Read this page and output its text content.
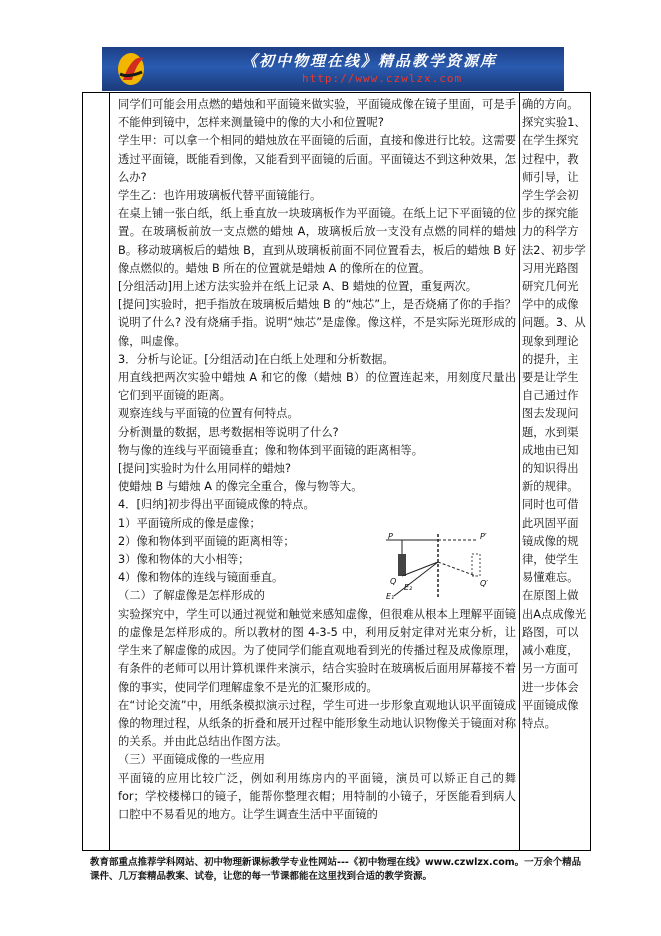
《初中物理在线》精品教学资源库
http://www.czwlzx.com

同学们可能会用点燃的蜡烛和平面镜来做实验，平面镜成像在镜子里面，可是手不能伸到镜中，怎样来测量镜中的像的大小和位置呢?

学生甲：可以拿一个相同的蜡烛放在平面镜的后面，直接和像进行比较。这需要透过平面镜，既能看到像，又能看到平面镜的后面。平面镜达不到这种效果，怎么办?

学生乙：也许用玻璃板代替平面镜能行。

在桌上铺一张白纸，纸上垂直放一块玻璃板作为平面镜。在纸上记下平面镜的位置。在玻璃板前放一支点燃的蜡烛 A，玻璃板后放一支没有点燃的同样的蜡烛 B。移动玻璃板后的蜡烛 B，直到从玻璃板前面不同位置看去，板后的蜡烛 B 好像点燃似的。蜡烛 B 所在的位置就是蜡烛 A 的像所在的位置。

[分组活动]用上述方法实验并在纸上记录 A、B 蜡烛的位置，重复两次。

[提问]实验时，把手指放在玻璃板后蜡烛 B 的“烛芯”上，是否烧痛了你的手指？说明了什么? 没有烧痛手指。说明“烛芯”是虚像。像这样，不是实际光斑形成的像，叫虚像。

3．分析与论证。[分组活动]在白纸上处理和分析数据。

用直线把两次实验中蜡烛 A 和它的像（蜡烛 B）的位置连起来，用刻度尺量出它们到平面镜的距离。

观察连线与平面镜的位置有何特点。

分析测量的数据，思考数据相等说明了什么?

物与像的连线与平面镜垂直；像和物体到平面镜的距离相等。

[提问]实验时为什么用同样的蜡烛?

使蜡烛 B 与蜡烛 A 的像完全重合，像与物等大。

4．[归纳]初步得出平面镜成像的特点。

1）平面镜所成的像是虚像；

2）像和物体到平面镜的距离相等；

3）像和物体的大小相等；

4）像和物体的连线与镜面垂直。

（二）了解虚像是怎样形成的

实验探究中，学生可以通过视觉和触觉来感知虚像，但很难从根本上理解平面镜的虚像是怎样形成的。所以教材的图 4-3-5 中，利用反射定律对光束分析，让学生来了解虚像的成因。为了使同学们能直观地看到光的传播过程及成像原理，有条件的老师可以用计算机课件来演示，结合实验时在玻璃板后面用屏幕接不着像的事实，使同学们理解虚象不是光的汇聚形成的。

在“讨论交流”中，用纸条模拟演示过程，学生可进一步形象直观地认识平面镜成像的物理过程，从纸条的折叠和展开过程中能形象生动地认识物像关于镜面对称的关系。并由此总结出作图方法。

（三）平面镜成像的一些应用

平面镜的应用比较广泛，例如利用练房内的平面镜，演员可以矫正自己的舞for；学校楼梯口的镜子，能帮你整理衣帽；用特制的小镜子，牙医能看到病人口腔中不易看见的地方。让学生调查生活中平面镜的

P	P′
Q	Q′
E₂
E₁

确的方向。探究实验1、在学生探究过程中，教师引导，让学生学会初步的探究能力的科学方法2、初步学习用光路图研究几何光学中的成像问题。3、从现象到理论的提升，主要是让学生自己通过作图去发现问题，水到渠成地由已知的知识得出新的规律。同时也可借此巩固平面镜成像的规律，使学生易懂难忘。在原图上做出A点成像光路图，可以减小难度，另一方面可进一步体会平面镜成像特点。

教育部重点推荐学科网站、初中物理新课标教学专业性网站---《初中物理在线》www.czwlzx.com。一万余个精品课件、几万套精品教案、试卷，让您的每一节课都能在这里找到合适的教学资源。
